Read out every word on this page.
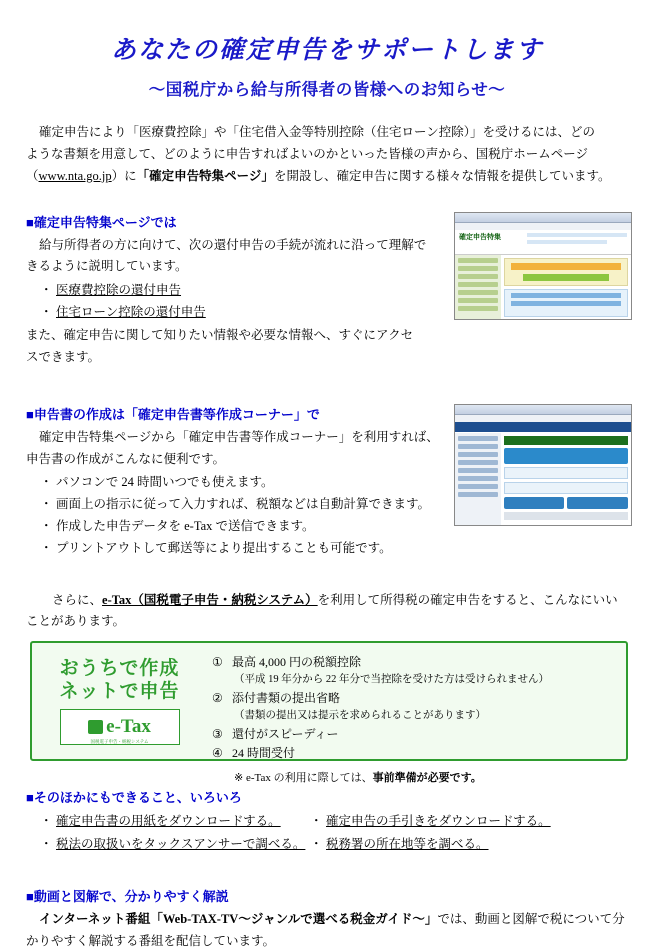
あなたの確定申告をサポートします
～国税庁から給与所得者の皆様へのお知らせ～
確定申告により「医療費控除」や「住宅借入金等特別控除（住宅ローン控除）」を受けるには、どの
ような書類を用意して、どのように申告すればよいのかといった皆様の声から、国税庁ホームページ
（www.nta.go.jp）に「確定申告特集ページ」を開設し、確定申告に関する様々な情報を提供しています。
■確定申告特集ページでは
給与所得者の方に向けて、次の還付申告の手続が流れに沿って理解で
きるように説明しています。
・ 医療費控除の還付申告
・ 住宅ローン控除の還付申告
また、確定申告に関して知りたい情報や必要な情報へ、すぐにアクセ
スできます。
確定申告特集
■申告書の作成は「確定申告書等作成コーナー」で
確定申告特集ページから「確定申告書等作成コーナー」を利用すれば、
申告書の作成がこんなに便利です。
・ パソコンで 24 時間いつでも使えます。
・ 画面上の指示に従って入力すれば、税額などは自動計算できます。
・ 作成した申告データを e-Tax で送信できます。
・ プリントアウトして郵送等により提出することも可能です。
さらに、e-Tax（国税電子申告・納税システム）を利用して所得税の確定申告をすると、こんなにいい
ことがあります。
おうちで作成
ネットで申告
e-Tax
国税電子申告・納税システム
① 最高 4,000 円の税額控除
（平成 19 年分から 22 年分で当控除を受けた方は受けられません）
② 添付書類の提出省略
（書類の提出又は提示を求められることがあります）
③ 還付がスピーディー
④ 24 時間受付
※ e-Tax の利用に際しては、事前準備が必要です。
■そのほかにもできること、いろいろ
・ 確定申告書の用紙をダウンロードする。 ・ 確定申告の手引きをダウンロードする。
・ 税法の取扱いをタックスアンサーで調べる。 ・ 税務署の所在地等を調べる。
■動画と図解で、分かりやすく解説
インターネット番組「Web-TAX-TV～ジャンルで選べる税金ガイド～」では、動画と図解で税について分
かりやすく解説する番組を配信しています。
